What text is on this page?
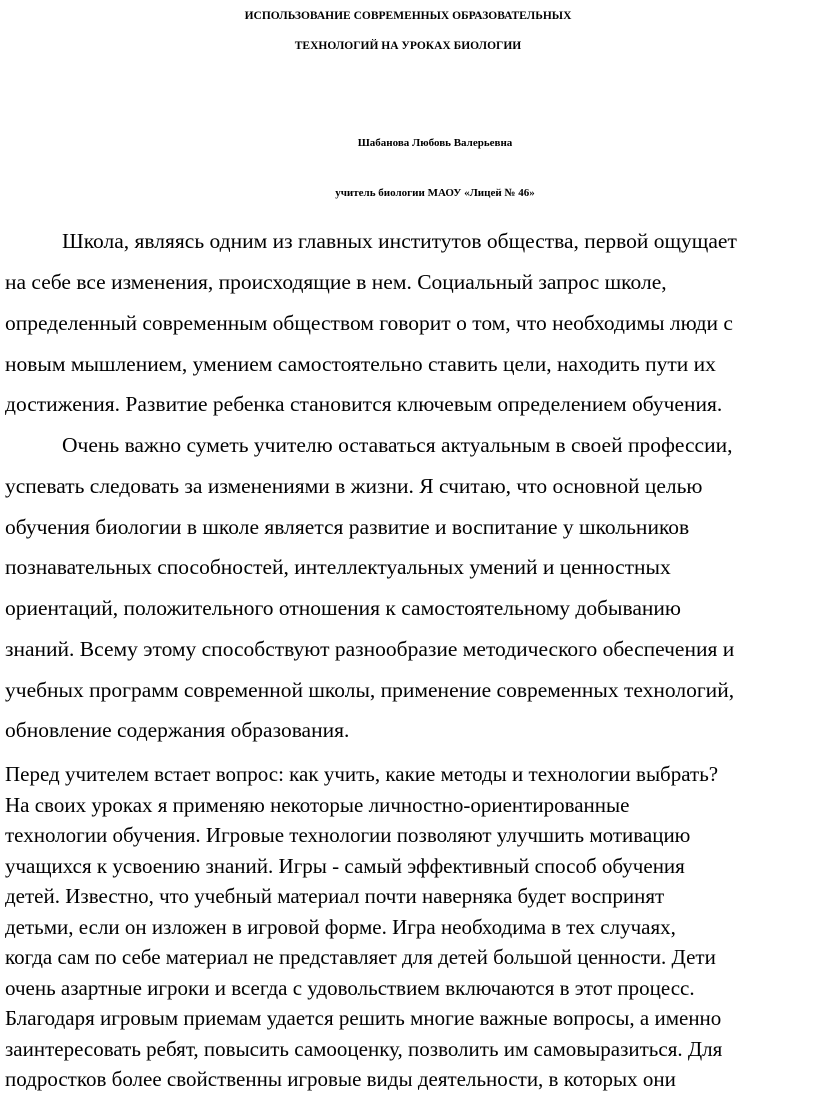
ИСПОЛЬЗОВАНИЕ СОВРЕМЕННЫХ ОБРАЗОВАТЕЛЬНЫХ
ТЕХНОЛОГИЙ НА УРОКАХ БИОЛОГИИ
Шабанова Любовь Валерьевна
учитель биологии МАОУ «Лицей № 46»
Школа, являясь одним из главных институтов общества, первой ощущает
на себе все изменения, происходящие в нем. Социальный запрос школе,
определенный современным обществом говорит о том, что необходимы люди с
новым мышлением, умением самостоятельно ставить цели, находить пути их
достижения. Развитие ребенка становится ключевым определением обучения.
Очень важно суметь учителю оставаться актуальным в своей профессии,
успевать следовать за изменениями в жизни. Я считаю, что основной целью
обучения биологии в школе является развитие и воспитание у школьников
познавательных способностей, интеллектуальных умений и ценностных
ориентаций, положительного отношения к самостоятельному добыванию
знаний. Всему этому способствуют разнообразие методического обеспечения и
учебных программ современной школы, применение современных технологий,
обновление содержания образования.
Перед учителем встает вопрос: как учить, какие методы и технологии выбрать?
На своих уроках я применяю некоторые личностно-ориентированные
технологии обучения. Игровые технологии позволяют улучшить мотивацию
учащихся к усвоению знаний. Игры - самый эффективный способ обучения
детей. Известно, что учебный материал почти наверняка будет воспринят
детьми, если он изложен в игровой форме. Игра необходима в тех случаях,
когда сам по себе материал не представляет для детей большой ценности. Дети
очень азартные игроки и всегда с удовольствием включаются в этот процесс.
Благодаря игровым приемам удается решить многие важные вопросы, а именно
заинтересовать ребят, повысить самооценку, позволить им самовыразиться. Для
подростков более свойственны игровые виды деятельности, в которых они
